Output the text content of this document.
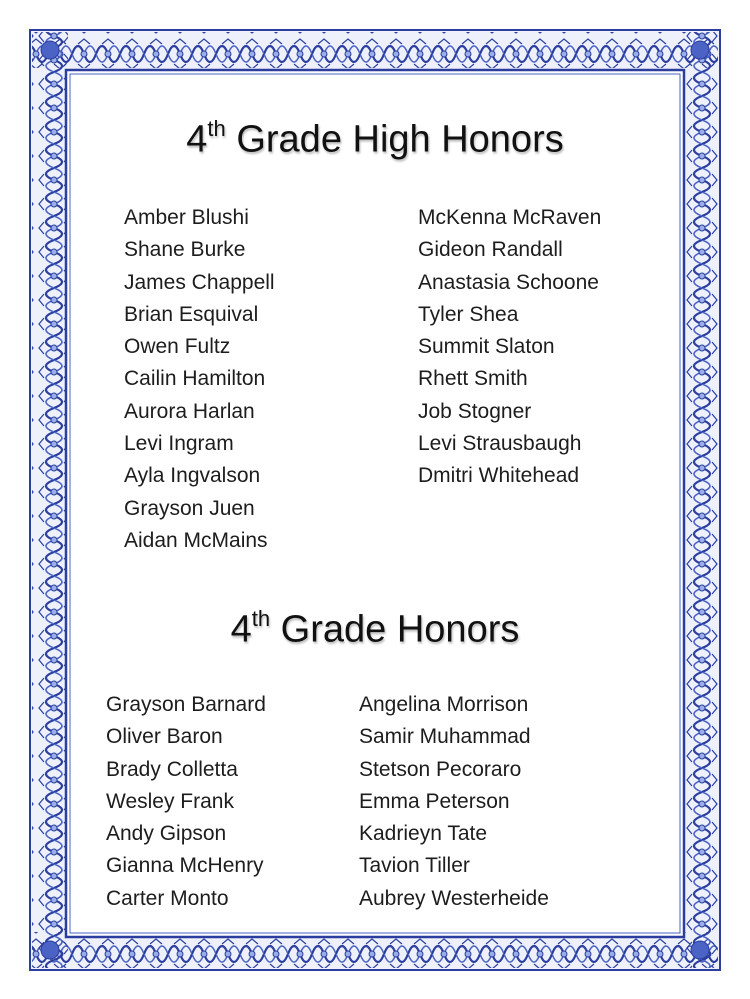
4th Grade High Honors
Amber Blushi
Shane Burke
James Chappell
Brian Esquival
Owen Fultz
Cailin Hamilton
Aurora Harlan
Levi Ingram
Ayla Ingvalson
Grayson Juen
Aidan McMains
McKenna McRaven
Gideon Randall
Anastasia Schoone
Tyler Shea
Summit Slaton
Rhett Smith
Job Stogner
Levi Strausbaugh
Dmitri Whitehead
4th Grade Honors
Grayson Barnard
Oliver Baron
Brady Colletta
Wesley Frank
Andy Gipson
Gianna McHenry
Carter Monto
Angelina Morrison
Samir Muhammad
Stetson Pecoraro
Emma Peterson
Kadrieyn Tate
Tavion Tiller
Aubrey Westerheide
